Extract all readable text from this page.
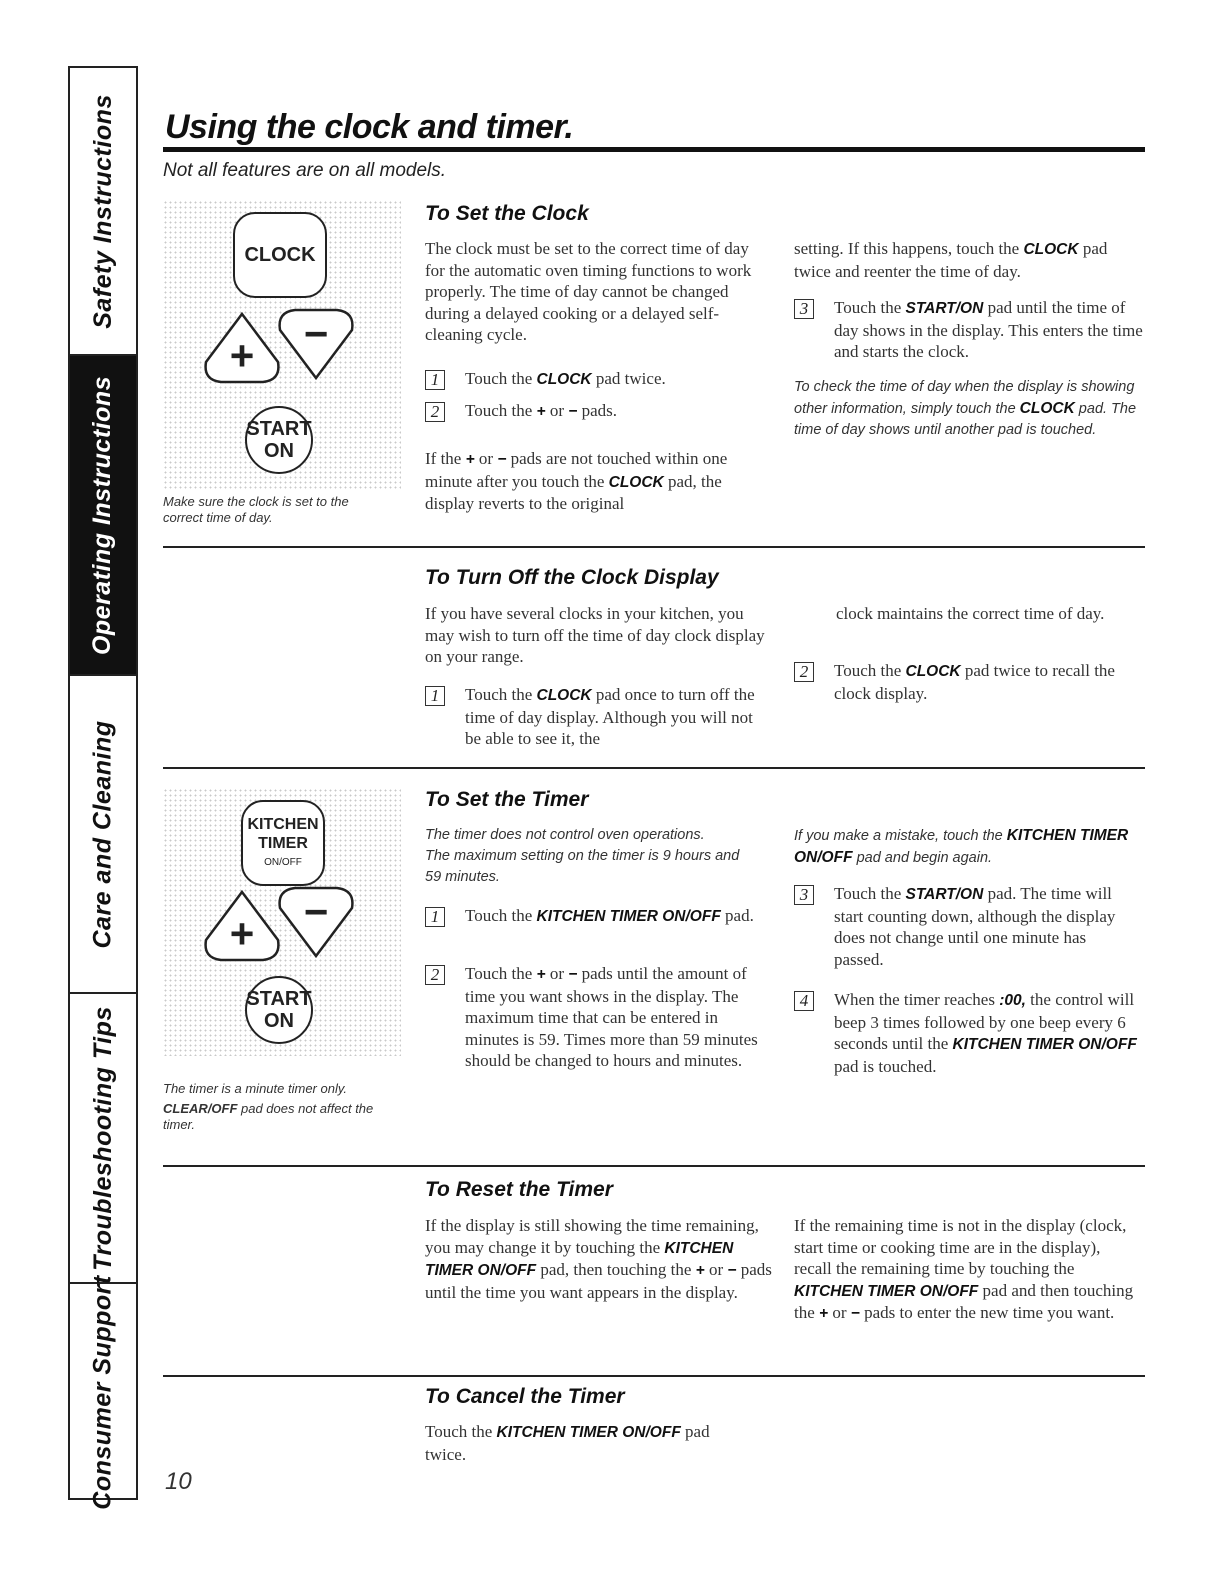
Safety Instructions
Operating Instructions
Care and Cleaning
Troubleshooting Tips
Consumer Support
Using the clock and timer.
Not all features are on all models.
CLOCK
+ −
START
ON
Make sure the clock is set to the correct time of day.
To Set the Clock
The clock must be set to the correct time of day for the automatic oven timing functions to work properly. The time of day cannot be changed during a delayed cooking or a delayed self-cleaning cycle.
1	Touch the CLOCK pad twice.
2	Touch the + or − pads.
If the + or − pads are not touched within one minute after you touch the CLOCK pad, the display reverts to the original
setting. If this happens, touch the CLOCK pad twice and reenter the time of day.
3	Touch the START/ON pad until the time of day shows in the display. This enters the time and starts the clock.
To check the time of day when the display is showing other information, simply touch the CLOCK pad. The time of day shows until another pad is touched.
To Turn Off the Clock Display
If you have several clocks in your kitchen, you may wish to turn off the time of day clock display on your range.
1	Touch the CLOCK pad once to turn off the time of day display. Although you will not be able to see it, the
clock maintains the correct time of day.
2	Touch the CLOCK pad twice to recall the clock display.
KITCHEN
TIMER
ON/OFF
+ −
START
ON
The timer is a minute timer only.
CLEAR/OFF pad does not affect the timer.
To Set the Timer
The timer does not control oven operations.
The maximum setting on the timer is 9 hours and 59 minutes.
1	Touch the KITCHEN TIMER ON/OFF pad.
2	Touch the + or − pads until the amount of time you want shows in the display. The maximum time that can be entered in minutes is 59. Times more than 59 minutes should be changed to hours and minutes.
If you make a mistake, touch the KITCHEN TIMER ON/OFF pad and begin again.
3	Touch the START/ON pad. The time will start counting down, although the display does not change until one minute has passed.
4	When the timer reaches :00, the control will beep 3 times followed by one beep every 6 seconds until the KITCHEN TIMER ON/OFF pad is touched.
To Reset the Timer
If the display is still showing the time remaining, you may change it by touching the KITCHEN TIMER ON/OFF pad, then touching the + or − pads until the time you want appears in the display.
If the remaining time is not in the display (clock, start time or cooking time are in the display), recall the remaining time by touching the KITCHEN TIMER ON/OFF pad and then touching the + or − pads to enter the new time you want.
To Cancel the Timer
Touch the KITCHEN TIMER ON/OFF pad twice.
10
